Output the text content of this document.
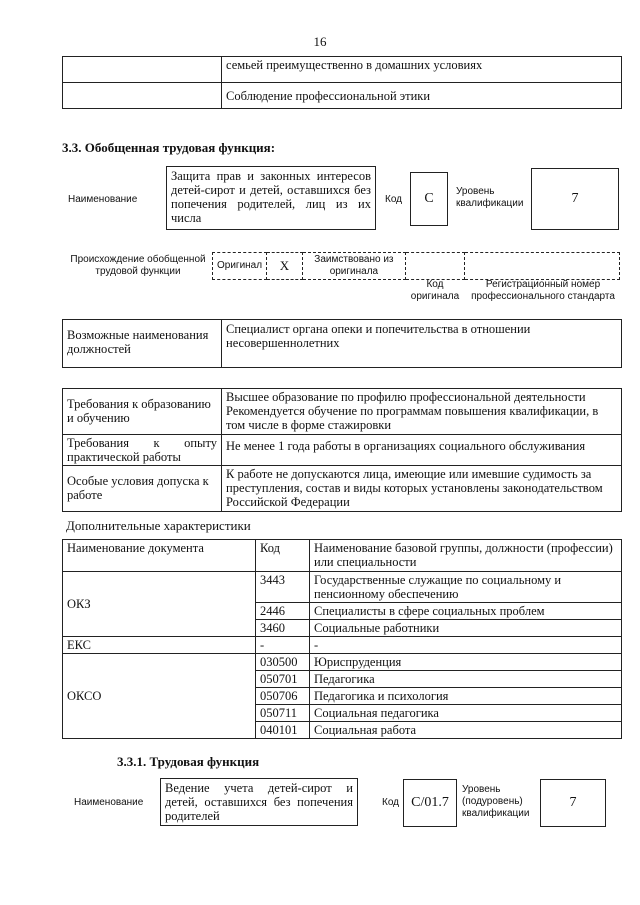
16
	семьей преимущественно в домашних условиях
	Соблюдение профессиональной этики
3.3. Обобщенная трудовая функция:
Наименование
Защита прав и законных интересов детей-сирот и детей, оставшихся без попечения родителей, лиц из их числа
Код	C	Уровень квалификации	7
Происхождение обобщенной трудовой функции
Оригинал	X	Заимствовано из оригинала		
Код оригинала
Регистрационный номер профессионального стандарта
Возможные наименования должностей	Специалист органа опеки и попечительства в отношении несовершеннолетних
Требования к образованию и обучению	Высшее образование по профилю профессиональной деятельности Рекомендуется обучение по программам повышения квалификации, в том числе в форме стажировки
Требования к опыту практической работы	Не менее 1 года работы в организациях социального обслуживания
Особые условия допуска к работе	К работе не допускаются лица, имеющие или имевшие судимость за преступления, состав и виды которых установлены законодательством Российской Федерации
Дополнительные характеристики
Наименование документа	Код	Наименование базовой группы, должности (профессии) или специальности
ОКЗ	3443	Государственные служащие по социальному и пенсионному обеспечению
	2446	Специалисты в сфере социальных проблем
	3460	Социальные работники
ЕКС	-	-
ОКСО	030500	Юриспруденция
	050701	Педагогика
	050706	Педагогика и психология
	050711	Социальная педагогика
	040101	Социальная работа
3.3.1. Трудовая функция
Наименование
Ведение учета детей-сирот и детей, оставшихся без попечения родителей
Код C/01.7
Уровень (подуровень) квалификации
7
